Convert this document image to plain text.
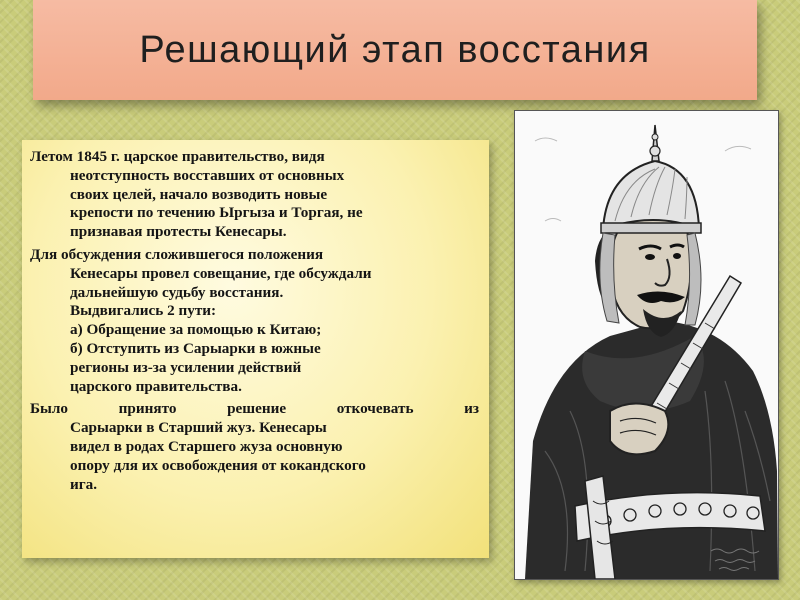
Решающий этап восстания

Летом 1845 г. царское правительство, видя
неотступность восставших от основных
своих целей, начало возводить новые
крепости по течению Ыргыза и Торгая, не
признавая протесты Кенесары.

Для обсуждения сложившегося положения
Кенесары провел совещание, где обсуждали
дальнейшую судьбу восстания.
Выдвигались 2 пути:
а) Обращение за помощью к Китаю;
б) Отступить из Сарыарки в южные
регионы из-за усилении действий
царского правительства.

Было принято решение откочевать из
Сарыарки в Старший жуз. Кенесары
видел в родах Старшего жуза основную
опору для их освобождения от кокандского
ига.
